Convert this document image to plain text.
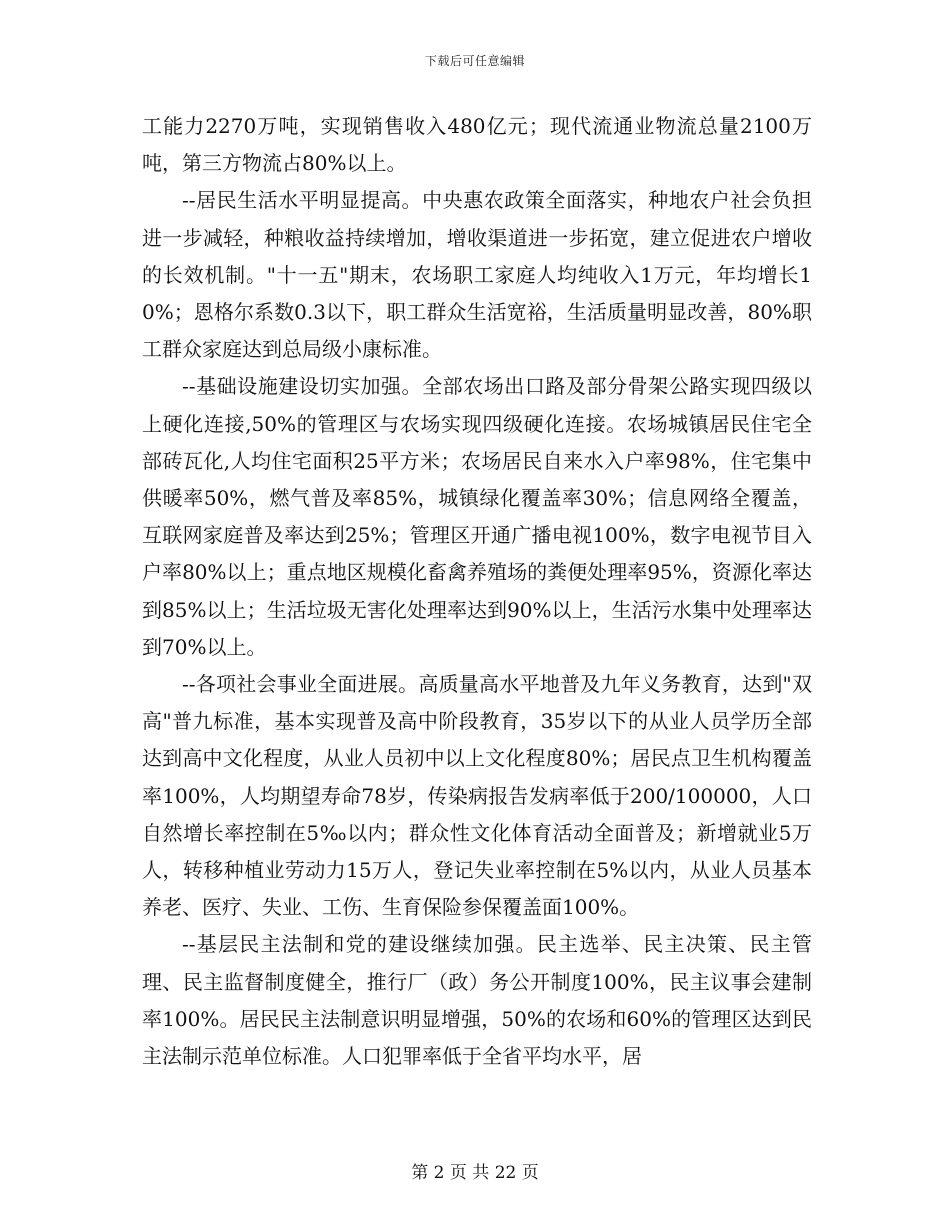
下载后可任意编辑

工能力2270万吨，实现销售收入480亿元；现代流通业物流总量2100万吨，第三方物流占80%以上。

--居民生活水平明显提高。中央惠农政策全面落实，种地农户社会负担进一步减轻，种粮收益持续增加，增收渠道进一步拓宽，建立促进农户增收的长效机制。"十一五"期末，农场职工家庭人均纯收入1万元，年均增长10%；恩格尔系数0.3以下，职工群众生活宽裕，生活质量明显改善，80%职工群众家庭达到总局级小康标准。

--基础设施建设切实加强。全部农场出口路及部分骨架公路实现四级以上硬化连接,50%的管理区与农场实现四级硬化连接。农场城镇居民住宅全部砖瓦化,人均住宅面积25平方米；农场居民自来水入户率98%，住宅集中供暖率50%，燃气普及率85%，城镇绿化覆盖率30%；信息网络全覆盖，互联网家庭普及率达到25%；管理区开通广播电视100%，数字电视节目入户率80%以上；重点地区规模化畜禽养殖场的粪便处理率95%，资源化率达到85%以上；生活垃圾无害化处理率达到90%以上，生活污水集中处理率达到70%以上。

--各项社会事业全面进展。高质量高水平地普及九年义务教育，达到"双高"普九标准，基本实现普及高中阶段教育，35岁以下的从业人员学历全部达到高中文化程度，从业人员初中以上文化程度80%；居民点卫生机构覆盖率100%，人均期望寿命78岁，传染病报告发病率低于200/100000，人口自然增长率控制在5‰以内；群众性文化体育活动全面普及；新增就业5万人，转移种植业劳动力15万人，登记失业率控制在5%以内，从业人员基本养老、医疗、失业、工伤、生育保险参保覆盖面100%。

--基层民主法制和党的建设继续加强。民主选举、民主决策、民主管理、民主监督制度健全，推行厂（政）务公开制度100%，民主议事会建制率100%。居民民主法制意识明显增强，50%的农场和60%的管理区达到民主法制示范单位标准。人口犯罪率低于全省平均水平，居

第 2 页 共 22 页
